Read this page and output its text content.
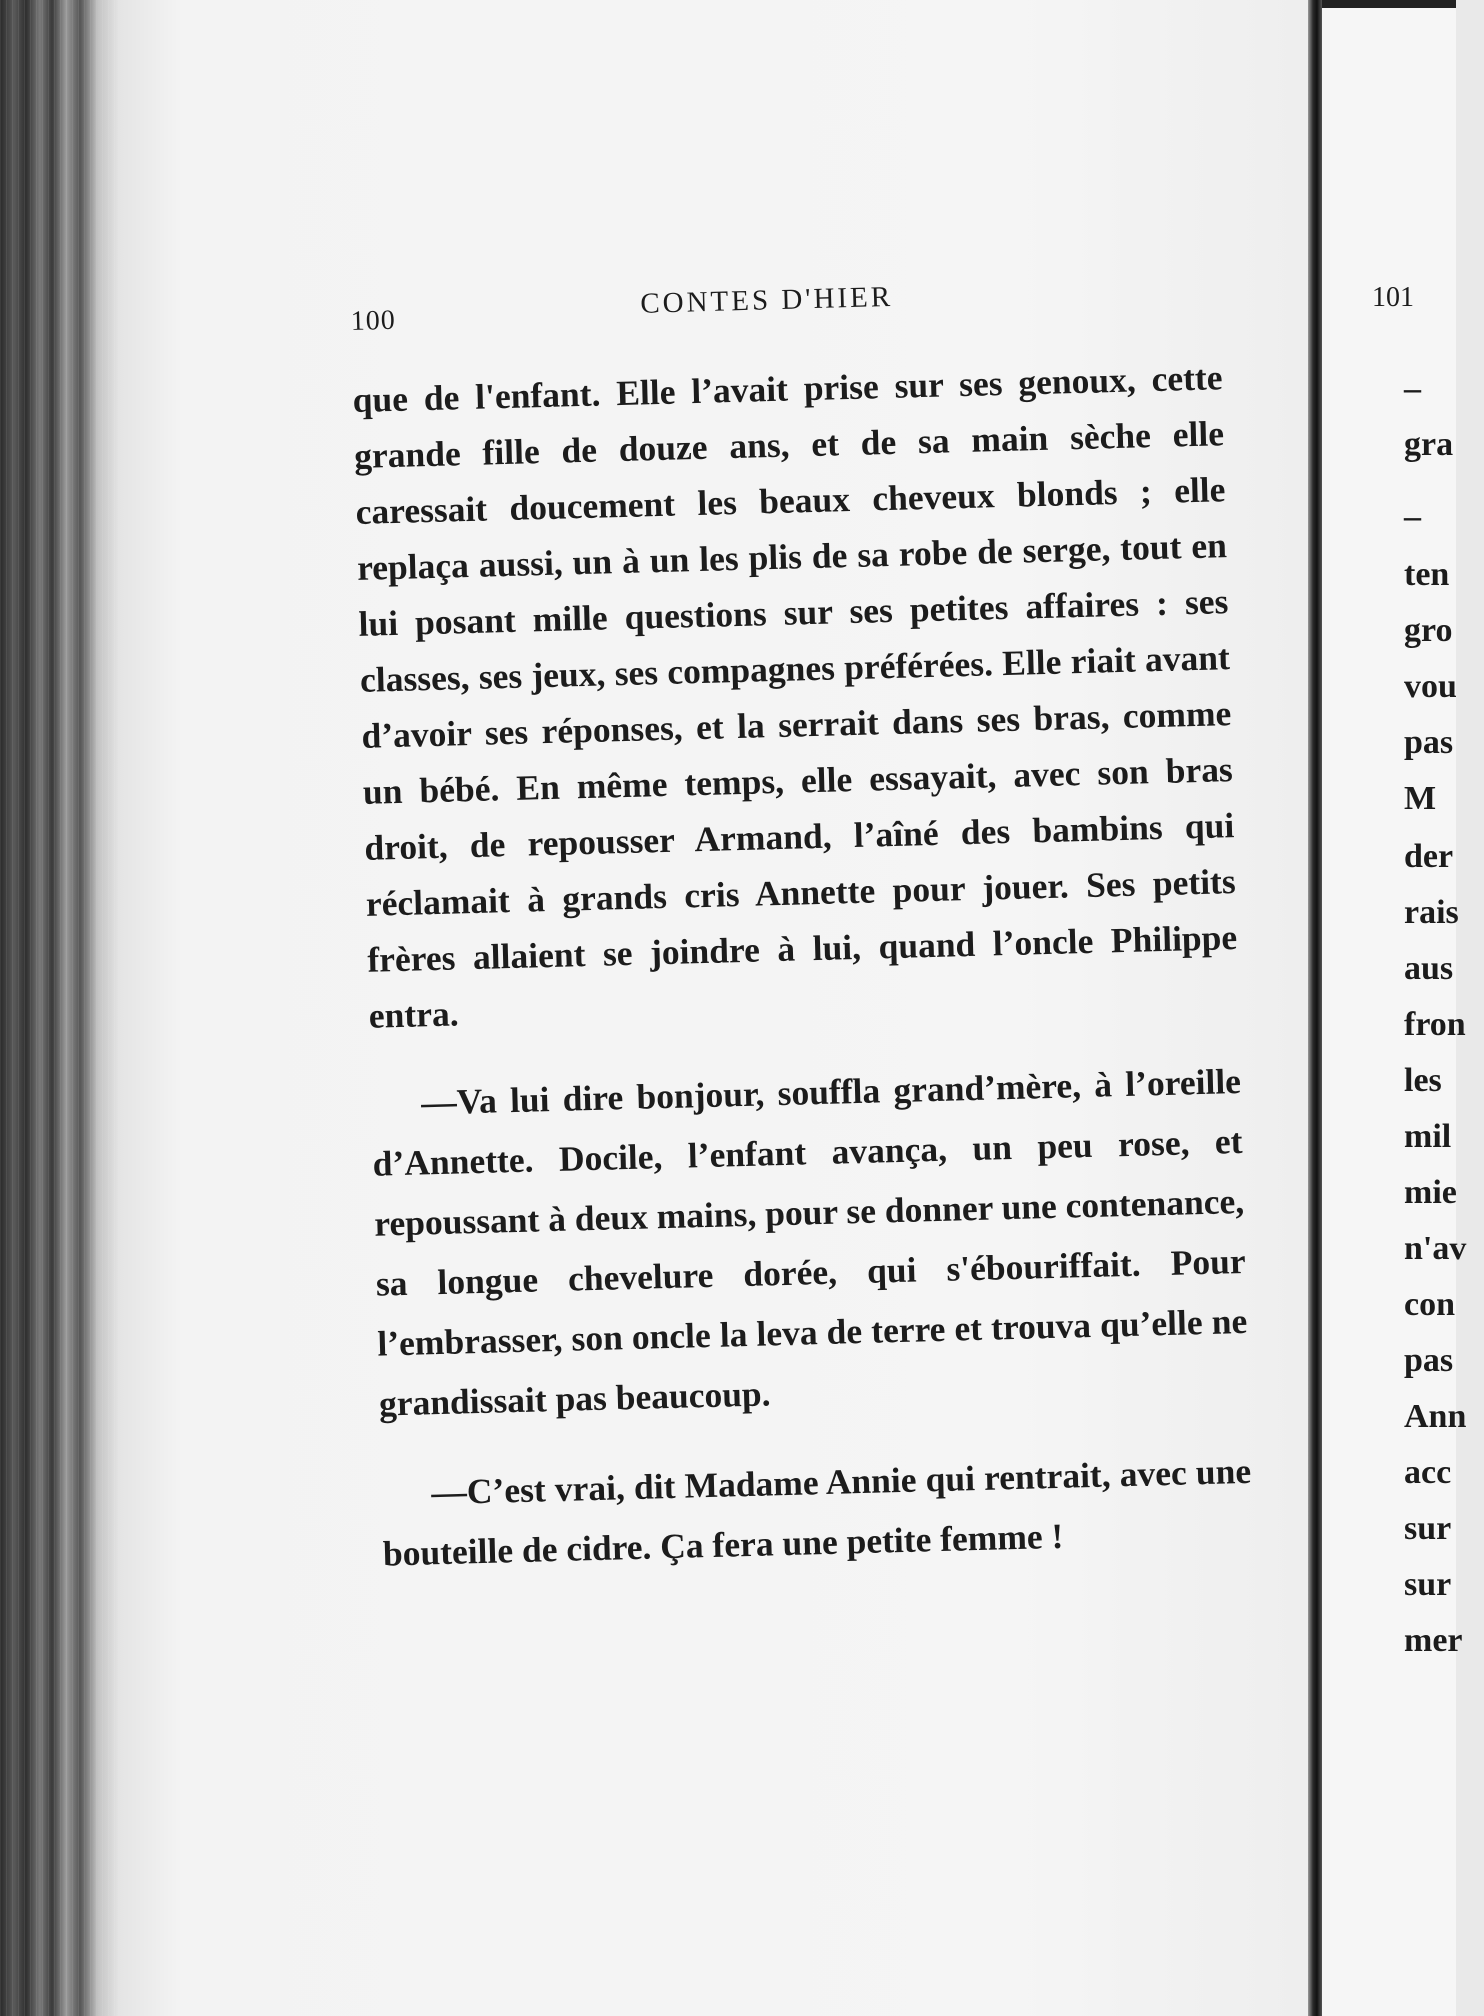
100
CONTES D'HIER

que de l'enfant. Elle l’avait prise sur ses genoux, cette grande fille de douze ans, et de sa main sèche elle caressait doucement les beaux cheveux blonds ; elle replaça aussi, un à un les plis de sa robe de serge, tout en lui posant mille questions sur ses petites affaires : ses classes, ses jeux, ses compagnes préférées. Elle riait avant d’avoir ses réponses, et la serrait dans ses bras, comme un bébé. En même temps, elle essayait, avec son bras droit, de repousser Armand, l’aîné des bambins qui réclamait à grands cris Annette pour jouer. Ses petits frères allaient se joindre à lui, quand l’oncle Philippe entra.

—Va lui dire bonjour, souffla grand’mère, à l’oreille d’Annette. Docile, l’enfant avança, un peu rose, et repoussant à deux mains, pour se donner une contenance, sa longue chevelure dorée, qui s'ébouriffait. Pour l’embrasser, son oncle la leva de terre et trouva qu’elle ne grandissait pas beaucoup.

—C’est vrai, dit Madame Annie qui rentrait, avec une bouteille de cidre. Ça fera une petite femme !

101
–
gra
–
ten
gro
vou
pas
M
der
rais
aus
fron
les
mil
mie
n'av
con
pas
Ann
acc
sur
sur
mer
